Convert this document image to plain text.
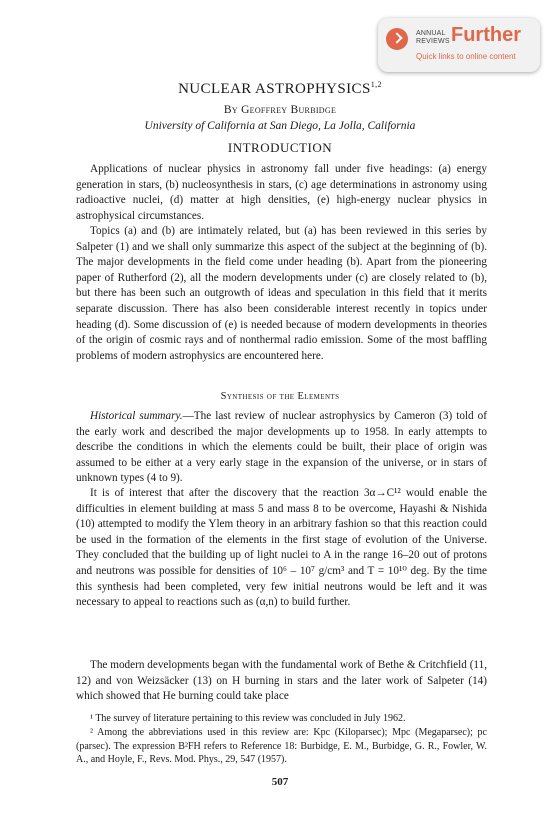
ANNUAL
REVIEWS Further
Quick links to online content
NUCLEAR ASTROPHYSICS$^{1,2}$
By Geoffrey Burbidge
University of California at San Diego, La Jolla, California
INTRODUCTION

Applications of nuclear physics in astronomy fall under five headings: (a) energy generation in stars, (b) nucleosynthesis in stars, (c) age determinations in astronomy using radioactive nuclei, (d) matter at high densities, (e) high-energy nuclear physics in astrophysical circumstances.

Topics (a) and (b) are intimately related, but (a) has been reviewed in this series by Salpeter (1) and we shall only summarize this aspect of the subject at the beginning of (b). The major developments in the field come under heading (b). Apart from the pioneering paper of Rutherford (2), all the modern developments under (c) are closely related to (b), but there has been such an outgrowth of ideas and speculation in this field that it merits separate discussion. There has also been considerable interest recently in topics under heading (d). Some discussion of (e) is needed because of modern developments in theories of the origin of cosmic rays and of nonthermal radio emission. Some of the most baffling problems of modern astrophysics are encountered here.

Synthesis of the Elements

Historical summary.—The last review of nuclear astrophysics by Cameron (3) told of the early work and described the major developments up to 1958. In early attempts to describe the conditions in which the elements could be built, their place of origin was assumed to be either at a very early stage in the expansion of the universe, or in stars of unknown types (4 to 9).

It is of interest that after the discovery that the reaction 3α→C¹² would enable the difficulties in element building at mass 5 and mass 8 to be overcome, Hayashi & Nishida (10) attempted to modify the Ylem theory in an arbitrary fashion so that this reaction could be used in the formation of the elements in the first stage of evolution of the Universe. They concluded that the building up of light nuclei to A in the range 16–20 out of protons and neutrons was possible for densities of 10⁶ – 10⁷ g/cm³ and T = 10¹⁰ deg. By the time this synthesis had been completed, very few initial neutrons would be left and it was necessary to appeal to reactions such as (α,n) to build further.

The modern developments began with the fundamental work of Bethe & Critchfield (11, 12) and von Weizsäcker (13) on H burning in stars and the later work of Salpeter (14) which showed that He burning could take place

¹ The survey of literature pertaining to this review was concluded in July 1962.

² Among the abbreviations used in this review are: Kpc (Kiloparsec); Mpc (Megaparsec); pc (parsec). The expression B²FH refers to Reference 18: Burbidge, E. M., Burbidge, G. R., Fowler, W. A., and Hoyle, F., Revs. Mod. Phys., 29, 547 (1957).

507
